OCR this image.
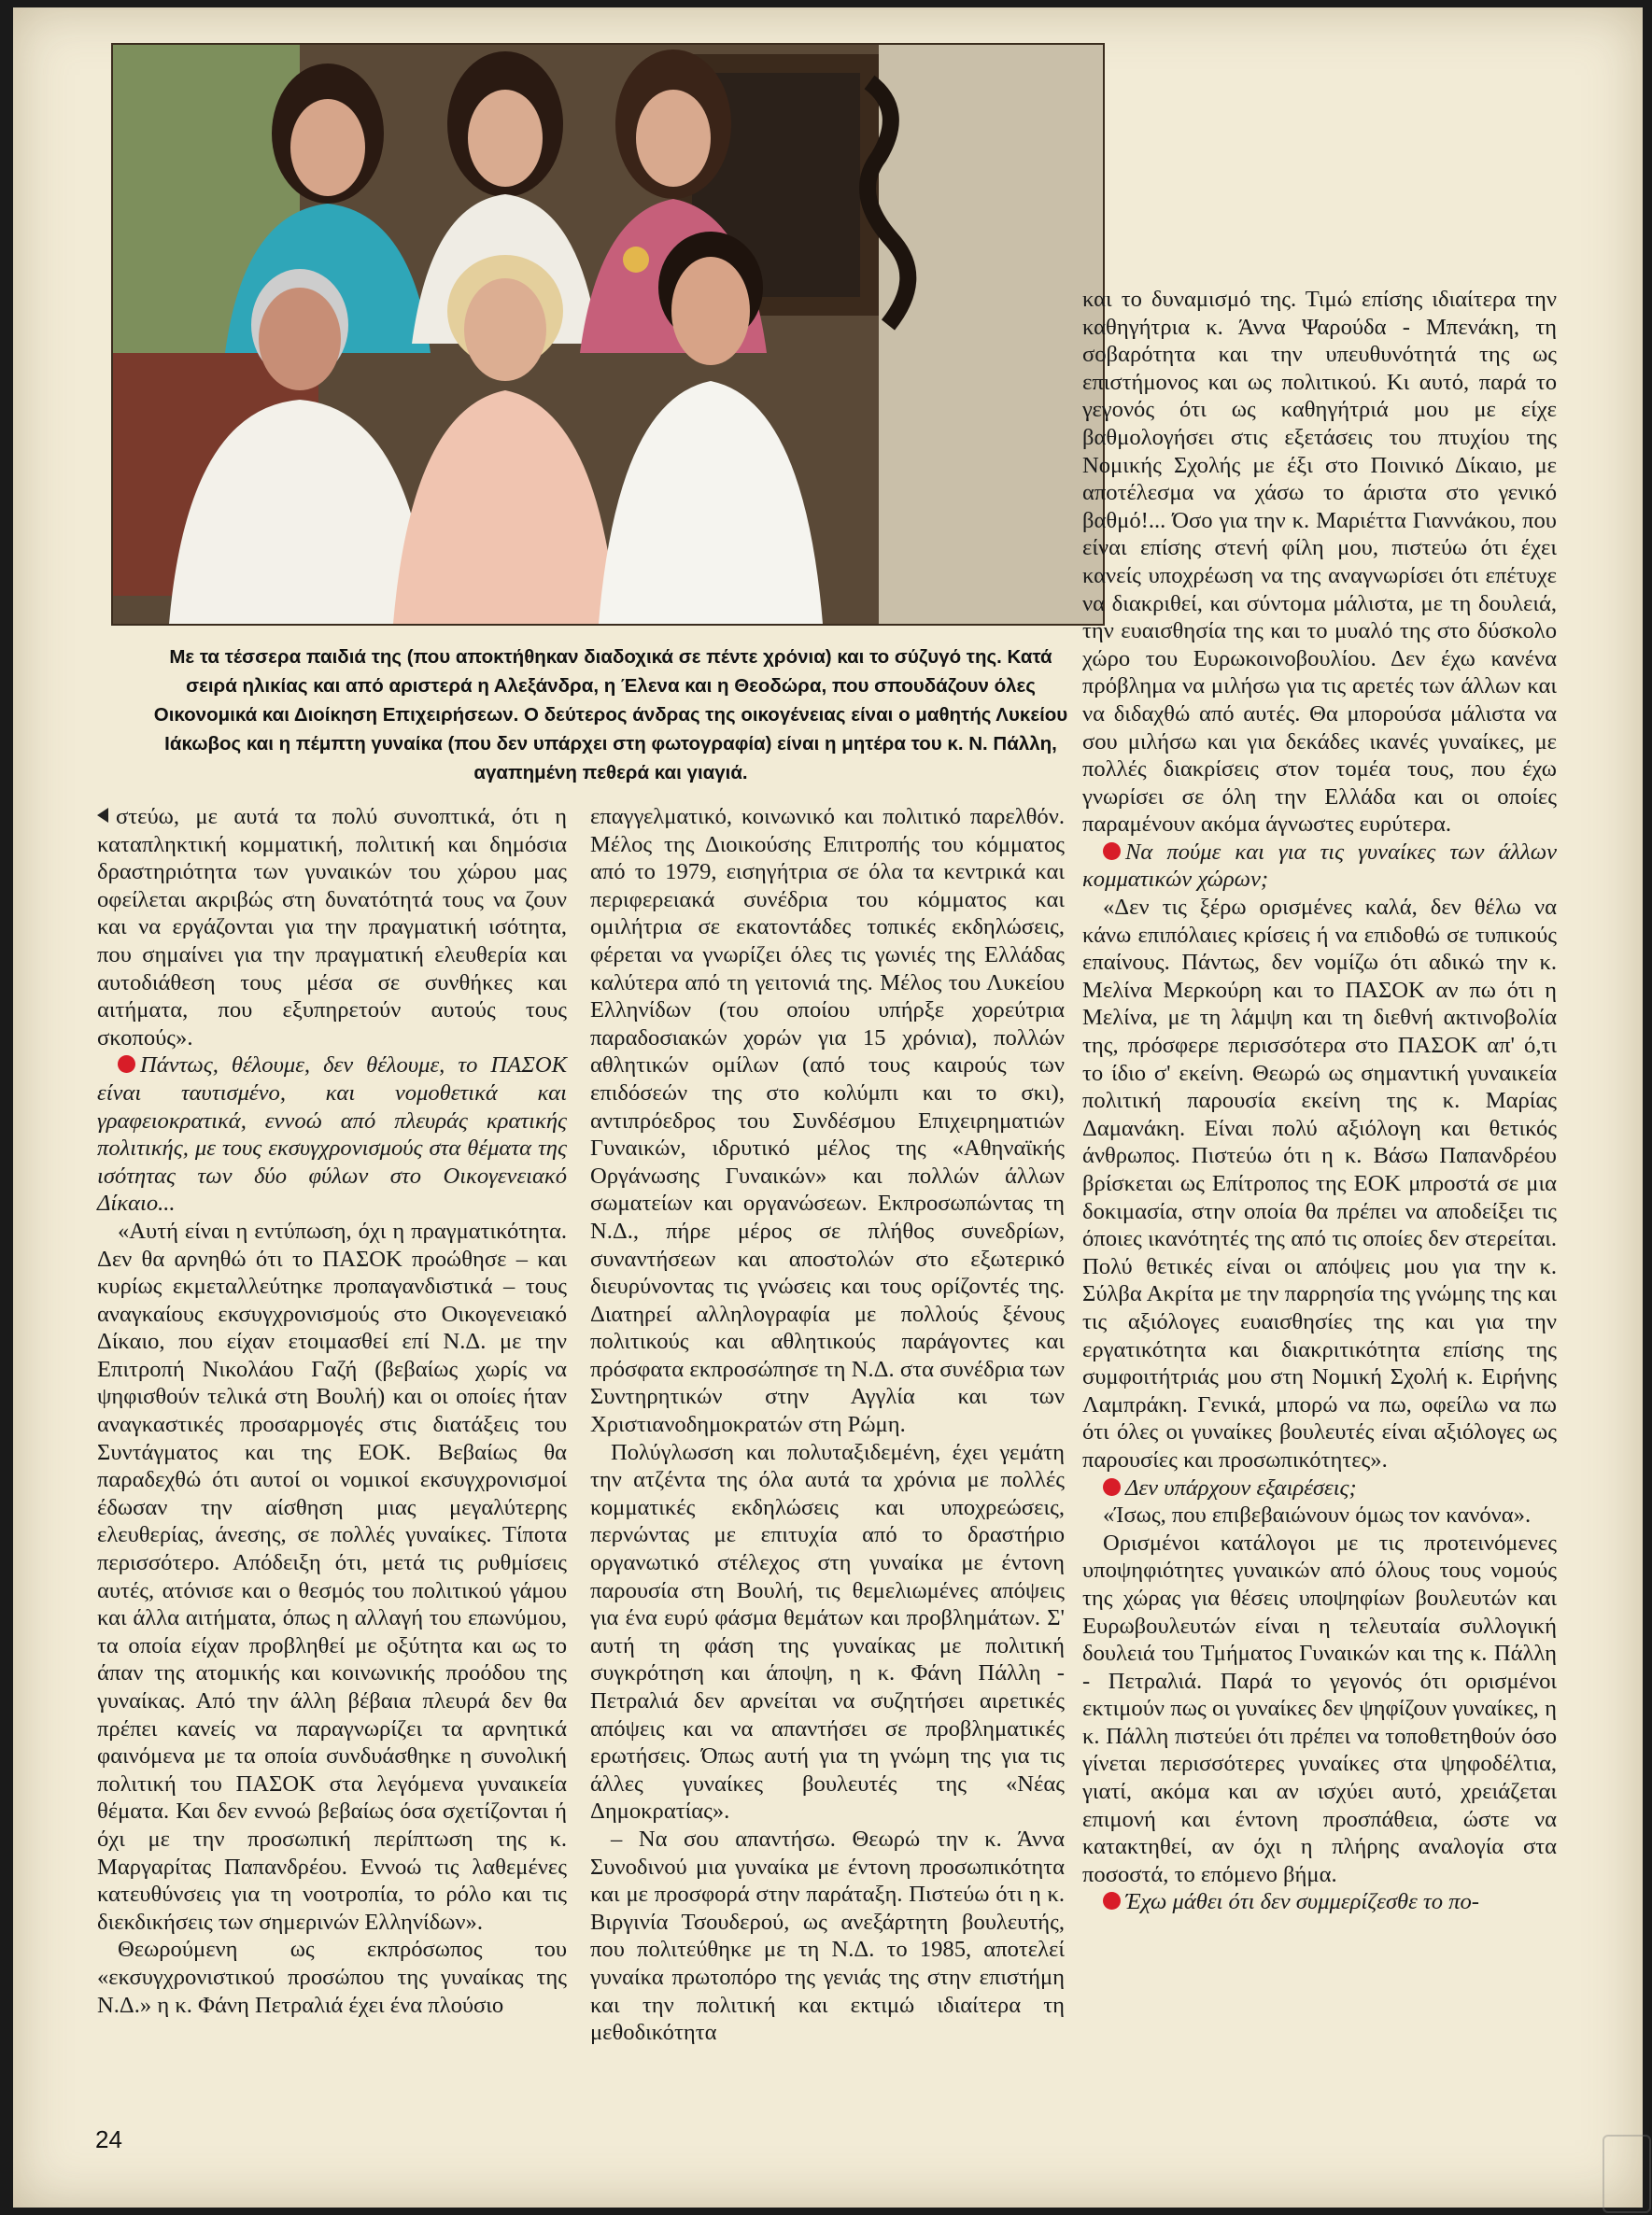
Με τα τέσσερα παιδιά της (που αποκτήθηκαν διαδοχικά σε πέντε χρόνια) και το σύζυγό της. Κατά σειρά ηλικίας και από αριστερά η Αλεξάνδρα, η Έλενα και η Θεοδώρα, που σπουδάζουν όλες Οικονομικά και Διοίκηση Επιχειρήσεων. Ο δεύτερος άνδρας της οικογένειας είναι ο μαθητής Λυκείου Ιάκωβος και η πέμπτη γυναίκα (που δεν υπάρχει στη φωτογραφία) είναι η μητέρα του κ. Ν. Πάλλη, αγαπημένη πεθερά και γιαγιά.

στεύω, με αυτά τα πολύ συνοπτικά, ότι η καταπληκτική κομματική, πολιτική και δημόσια δραστηριότητα των γυναικών του χώρου μας οφείλεται ακριβώς στη δυνατότητά τους να ζουν και να εργάζονται για την πραγματική ισότητα, που σημαίνει για την πραγματική ελευθερία και αυτοδιάθεση τους μέσα σε συνθήκες και αιτήματα, που εξυπηρετούν αυτούς τους σκοπούς».

Πάντως, θέλουμε, δεν θέλουμε, το ΠΑΣΟΚ είναι ταυτισμένο, και νομοθετικά και γραφειοκρατικά, εννοώ από πλευράς κρατικής πολιτικής, με τους εκσυγχρονισμούς στα θέματα της ισότητας των δύο φύλων στο Οικογενειακό Δίκαιο...

«Αυτή είναι η εντύπωση, όχι η πραγματικότητα. Δεν θα αρνηθώ ότι το ΠΑΣΟΚ προώθησε – και κυρίως εκμεταλλεύτηκε προπαγανδιστικά – τους αναγκαίους εκσυγχρονισμούς στο Οικογενειακό Δίκαιο, που είχαν ετοιμασθεί επί Ν.Δ. με την Επιτροπή Νικολάου Γαζή (βεβαίως χωρίς να ψηφισθούν τελικά στη Βουλή) και οι οποίες ήταν αναγκαστικές προσαρμογές στις διατάξεις του Συντάγματος και της ΕΟΚ. Βεβαίως θα παραδεχθώ ότι αυτοί οι νομικοί εκσυγχρονισμοί έδωσαν την αίσθηση μιας μεγαλύτερης ελευθερίας, άνεσης, σε πολλές γυναίκες. Τίποτα περισσότερο. Απόδειξη ότι, μετά τις ρυθμίσεις αυτές, ατόνισε και ο θεσμός του πολιτικού γάμου και άλλα αιτήματα, όπως η αλλαγή του επωνύμου, τα οποία είχαν προβληθεί με οξύτητα και ως το άπαν της ατομικής και κοινωνικής προόδου της γυναίκας. Από την άλλη βέβαια πλευρά δεν θα πρέπει κανείς να παραγνωρίζει τα αρνητικά φαινόμενα με τα οποία συνδυάσθηκε η συνολική πολιτική του ΠΑΣΟΚ στα λεγόμενα γυναικεία θέματα. Και δεν εννοώ βεβαίως όσα σχετίζονται ή όχι με την προσωπική περίπτωση της κ. Μαργαρίτας Παπανδρέου. Εννοώ τις λαθεμένες κατευθύνσεις για τη νοοτροπία, το ρόλο και τις διεκδικήσεις των σημερινών Ελληνίδων».

Θεωρούμενη ως εκπρόσωπος του «εκσυγχρονιστικού προσώπου της γυναίκας της Ν.Δ.» η κ. Φάνη Πετραλιά έχει ένα πλούσιο

επαγγελματικό, κοινωνικό και πολιτικό παρελθόν. Μέλος της Διοικούσης Επιτροπής του κόμματος από το 1979, εισηγήτρια σε όλα τα κεντρικά και περιφερειακά συνέδρια του κόμματος και ομιλήτρια σε εκατοντάδες τοπικές εκδηλώσεις, φέρεται να γνωρίζει όλες τις γωνιές της Ελλάδας καλύτερα από τη γειτονιά της. Μέλος του Λυκείου Ελληνίδων (του οποίου υπήρξε χορεύτρια παραδοσιακών χορών για 15 χρόνια), πολλών αθλητικών ομίλων (από τους καιρούς των επιδόσεών της στο κολύμπι και το σκι), αντιπρόεδρος του Συνδέσμου Επιχειρηματιών Γυναικών, ιδρυτικό μέλος της «Αθηναϊκής Οργάνωσης Γυναικών» και πολλών άλλων σωματείων και οργανώσεων. Εκπροσωπώντας τη Ν.Δ., πήρε μέρος σε πλήθος συνεδρίων, συναντήσεων και αποστολών στο εξωτερικό διευρύνοντας τις γνώσεις και τους ορίζοντές της. Διατηρεί αλληλογραφία με πολλούς ξένους πολιτικούς και αθλητικούς παράγοντες και πρόσφατα εκπροσώπησε τη Ν.Δ. στα συνέδρια των Συντηρητικών στην Αγγλία και των Χριστιανοδημοκρατών στη Ρώμη.

Πολύγλωσση και πολυταξιδεμένη, έχει γεμάτη την ατζέντα της όλα αυτά τα χρόνια με πολλές κομματικές εκδηλώσεις και υποχρεώσεις, περνώντας με επιτυχία από το δραστήριο οργανωτικό στέλεχος στη γυναίκα με έντονη παρουσία στη Βουλή, τις θεμελιωμένες απόψεις για ένα ευρύ φάσμα θεμάτων και προβλημάτων. Σ' αυτή τη φάση της γυναίκας με πολιτική συγκρότηση και άποψη, η κ. Φάνη Πάλλη - Πετραλιά δεν αρνείται να συζητήσει αιρετικές απόψεις και να απαντήσει σε προβληματικές ερωτήσεις. Όπως αυτή για τη γνώμη της για τις άλλες γυναίκες βουλευτές της «Νέας Δημοκρατίας».

– Να σου απαντήσω. Θεωρώ την κ. Άννα Συνοδινού μια γυναίκα με έντονη προσωπικότητα και με προσφορά στην παράταξη. Πιστεύω ότι η κ. Βιργινία Τσουδερού, ως ανεξάρτητη βουλευτής, που πολιτεύθηκε με τη Ν.Δ. το 1985, αποτελεί γυναίκα πρωτοπόρο της γενιάς της στην επιστήμη και την πολιτική και εκτιμώ ιδιαίτερα τη μεθοδικότητα

και το δυναμισμό της. Τιμώ επίσης ιδιαίτερα την καθηγήτρια κ. Άννα Ψαρούδα - Μπενάκη, τη σοβαρότητα και την υπευθυνότητά της ως επιστήμονος και ως πολιτικού. Κι αυτό, παρά το γεγονός ότι ως καθηγήτριά μου με είχε βαθμολογήσει στις εξετάσεις του πτυχίου της Νομικής Σχολής με έξι στο Ποινικό Δίκαιο, με αποτέλεσμα να χάσω το άριστα στο γενικό βαθμό!... Όσο για την κ. Μαριέττα Γιαννάκου, που είναι επίσης στενή φίλη μου, πιστεύω ότι έχει κανείς υποχρέωση να της αναγνωρίσει ότι επέτυχε να διακριθεί, και σύντομα μάλιστα, με τη δουλειά, την ευαισθησία της και το μυαλό της στο δύσκολο χώρο του Ευρωκοινοβουλίου. Δεν έχω κανένα πρόβλημα να μιλήσω για τις αρετές των άλλων και να διδαχθώ από αυτές. Θα μπορούσα μάλιστα να σου μιλήσω και για δεκάδες ικανές γυναίκες, με πολλές διακρίσεις στον τομέα τους, που έχω γνωρίσει σε όλη την Ελλάδα και οι οποίες παραμένουν ακόμα άγνωστες ευρύτερα.

Να πούμε και για τις γυναίκες των άλλων κομματικών χώρων;

«Δεν τις ξέρω ορισμένες καλά, δεν θέλω να κάνω επιπόλαιες κρίσεις ή να επιδοθώ σε τυπικούς επαίνους. Πάντως, δεν νομίζω ότι αδικώ την κ. Μελίνα Μερκούρη και το ΠΑΣΟΚ αν πω ότι η Μελίνα, με τη λάμψη και τη διεθνή ακτινοβολία της, πρόσφερε περισσότερα στο ΠΑΣΟΚ απ' ό,τι το ίδιο σ' εκείνη. Θεωρώ ως σημαντική γυναικεία πολιτική παρουσία εκείνη της κ. Μαρίας Δαμανάκη. Είναι πολύ αξιόλογη και θετικός άνθρωπος. Πιστεύω ότι η κ. Βάσω Παπανδρέου βρίσκεται ως Επίτροπος της ΕΟΚ μπροστά σε μια δοκιμασία, στην οποία θα πρέπει να αποδείξει τις όποιες ικανότητές της από τις οποίες δεν στερείται. Πολύ θετικές είναι οι απόψεις μου για την κ. Σύλβα Ακρίτα με την παρρησία της γνώμης της και τις αξιόλογες ευαισθησίες της και για την εργατικότητα και διακριτικότητα επίσης της συμφοιτήτριάς μου στη Νομική Σχολή κ. Ειρήνης Λαμπράκη. Γενικά, μπορώ να πω, οφείλω να πω ότι όλες οι γυναίκες βουλευτές είναι αξιόλογες ως παρουσίες και προσωπικότητες».

Δεν υπάρχουν εξαιρέσεις;

«Ίσως, που επιβεβαιώνουν όμως τον κανόνα».

Ορισμένοι κατάλογοι με τις προτεινόμενες υποψηφιότητες γυναικών από όλους τους νομούς της χώρας για θέσεις υποψηφίων βουλευτών και Ευρωβουλευτών είναι η τελευταία συλλογική δουλειά του Τμήματος Γυναικών και της κ. Πάλλη - Πετραλιά. Παρά το γεγονός ότι ορισμένοι εκτιμούν πως οι γυναίκες δεν ψηφίζουν γυναίκες, η κ. Πάλλη πιστεύει ότι πρέπει να τοποθετηθούν όσο γίνεται περισσότερες γυναίκες στα ψηφοδέλτια, γιατί, ακόμα και αν ισχύει αυτό, χρειάζεται επιμονή και έντονη προσπάθεια, ώστε να κατακτηθεί, αν όχι η πλήρης αναλογία στα ποσοστά, το επόμενο βήμα.

Έχω μάθει ότι δεν συμμερίζεσθε το πο-

24
